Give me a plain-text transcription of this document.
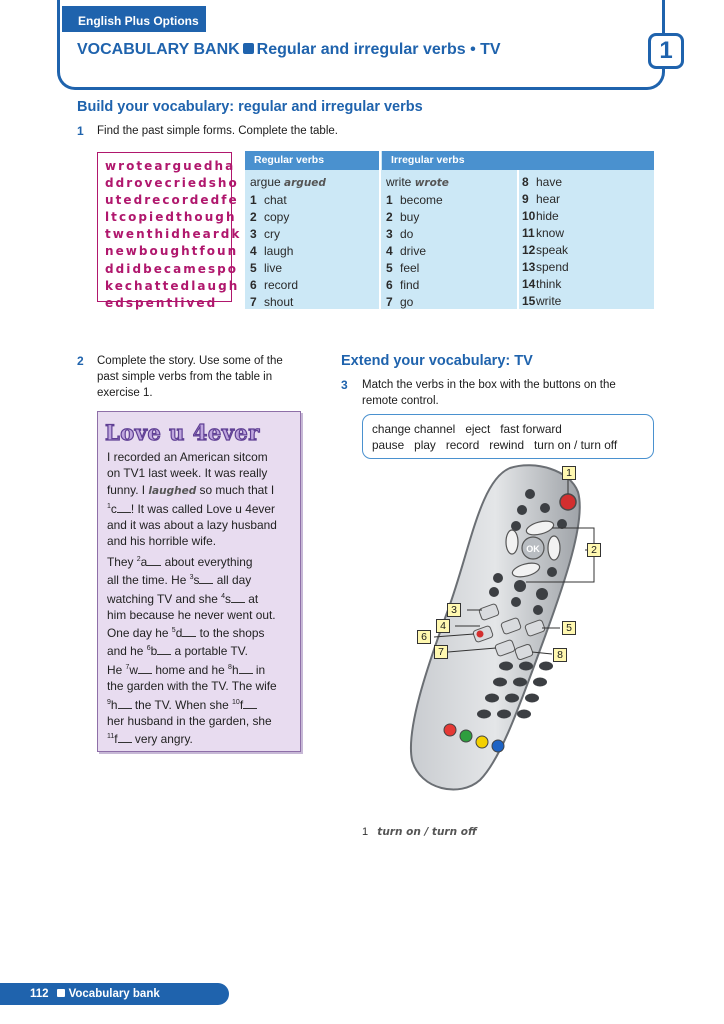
English Plus Options
VOCABULARY BANK Regular and irregular verbs • TV	1
Build your vocabulary: regular and irregular verbs
1 Find the past simple forms. Complete the table.
wrotearguedha
ddrovecriedsho
utedrecordedfe
ltcopiedthough
twenthidheardk
newboughtfoun
ddidbecamespo
kechattedlaugh
edspentlived
Regular verbs	Irregular verbs
argue argued
1 chat
2 copy
3 cry
4 laugh
5 live
6 record
7 shout
write wrote
1 become
2 buy
3 do
4 drive
5 feel
6 find
7 go
8 have
9 hear
10hide
11know
12speak
13spend
14think
15write
2 Complete the story. Use some of the
past simple verbs from the table in
exercise 1.
Love u 4ever
I recorded an American sitcom
on TV1 last week. It was really
funny. I laughed so much that I
$^1$c ! It was called Love u 4ever
and it was about a lazy husband
and his horrible wife.
They $^2$a about everything
all the time. He $^3$s all day
watching TV and she $^4$s at
him because he never went out.
One day he $^5$d to the shops
and he $^6$b a portable TV.
He $^7$w home and he $^8$h in
the garden with the TV. The wife
$^9$h the TV. When she $^{10}$f
her husband in the garden, she
$^{11}$f very angry.
Extend your vocabulary: TV
3 Match the verbs in the box with the buttons on the
remote control.
change channel eject fast forward
pause play record rewind turn on / turn off
OK
1
2
3
4	5
6
7	8
1 turn on / turn off
112 Vocabulary bank
